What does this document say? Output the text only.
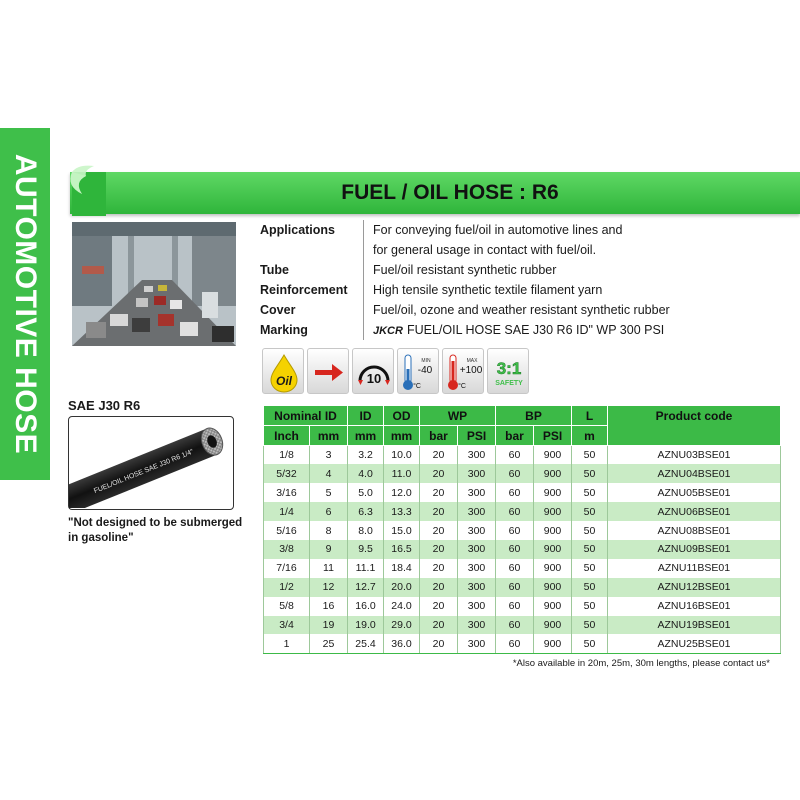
AUTOMOTIVE HOSE	FUEL / OIL HOSE : R6
Applications	For conveying fuel/oil in automotive lines and
for general usage in contact with fuel/oil.
Tube	Fuel/oil resistant synthetic rubber
Reinforcement	High tensile synthetic textile filament yarn
Cover	Fuel/oil, ozone and weather resistant synthetic rubber
Marking	JKCR FUEL/OIL HOSE SAE J30 R6 ID" WP 300 PSI
Oil	10
MIN
-40
°C
MAX
+100
°C
3:1
SAFETY
SAE J30 R6
FUEL/OIL HOSE SAE J30 R6 1/4"
"Not designed to be submerged
in gasoline"
Nominal ID		ID	OD	WP		BP		L	Product code
Inch	mm	mm	mm	bar	PSI	bar	PSI	m	
1/8	3	3.2	10.0	20	300	60	900	50	AZNU03BSE01
5/32	4	4.0	11.0	20	300	60	900	50	AZNU04BSE01
3/16	5	5.0	12.0	20	300	60	900	50	AZNU05BSE01
1/4	6	6.3	13.3	20	300	60	900	50	AZNU06BSE01
5/16	8	8.0	15.0	20	300	60	900	50	AZNU08BSE01
3/8	9	9.5	16.5	20	300	60	900	50	AZNU09BSE01
7/16	11	11.1	18.4	20	300	60	900	50	AZNU11BSE01
1/2	12	12.7	20.0	20	300	60	900	50	AZNU12BSE01
5/8	16	16.0	24.0	20	300	60	900	50	AZNU16BSE01
3/4	19	19.0	29.0	20	300	60	900	50	AZNU19BSE01
1	25	25.4	36.0	20	300	60	900	50	AZNU25BSE01
*Also available in 20m, 25m, 30m lengths, please contact us*
